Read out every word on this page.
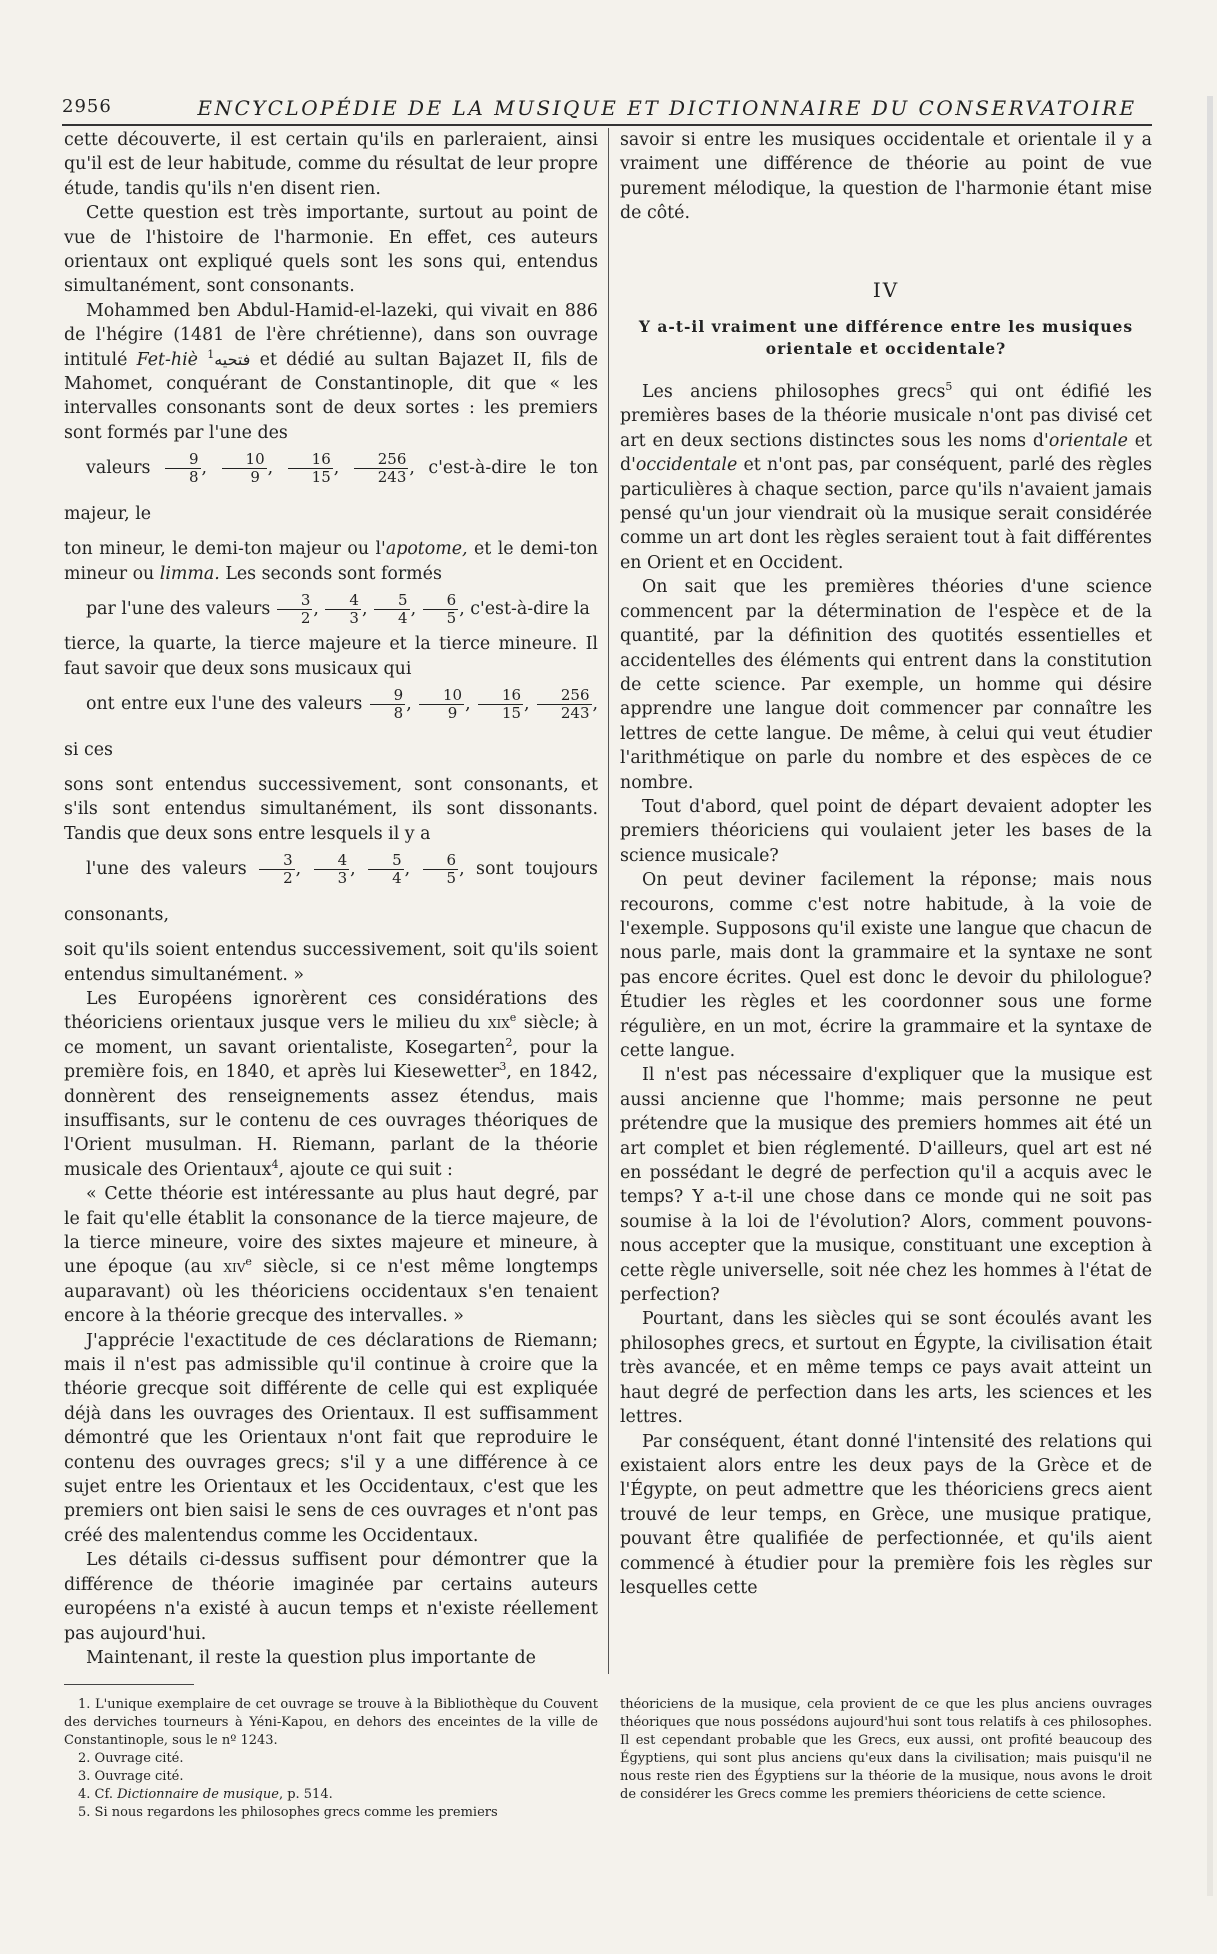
2956	ENCYCLOPÉDIE DE LA MUSIQUE ET DICTIONNAIRE DU CONSERVATOIRE

cette découverte, il est certain qu'ils en parleraient, ainsi qu'il est de leur habitude, comme du résultat de leur propre étude, tandis qu'ils n'en disent rien.

Cette question est très importante, surtout au point de vue de l'histoire de l'harmonie. En effet, ces auteurs orientaux ont expliqué quels sont les sons qui, entendus simultanément, sont consonants.

Mohammed ben Abdul-Hamid-el-lazeki, qui vivait en 886 de l'hégire (1481 de l'ère chrétienne), dans son ouvrage intitulé Fet-hiè فتحيه$^1$	et dédié au sultan Bajazet II, fils de Mahomet, conquérant de Constantinople, dit que « les intervalles consonants sont de deux sortes : les premiers sont formés par l'une des

valeurs $\frac{9}{8}$ , $\frac{10}{9}$ , $\frac{16}{15}$ , $\frac{256}{243}$ , c'est-à-dire le ton majeur, le

ton mineur, le demi-ton majeur ou l'apotome, et le demi-ton mineur ou limma. Les seconds sont formés

par l'une des valeurs $\frac{3}{2}$ , $\frac{4}{3}$ , $\frac{5}{4}$ , $\frac{6}{5}$ , c'est-à-dire la

tierce, la quarte, la tierce majeure et la tierce mineure. Il faut savoir que deux sons musicaux qui

ont entre eux l'une des valeurs $\frac{9}{8}$ , $\frac{10}{9}$ , $\frac{16}{15}$ , $\frac{256}{243}$ , si ces

sons sont entendus successivement, sont consonants, et s'ils sont entendus simultanément, ils sont dissonants. Tandis que deux sons entre lesquels il y a

l'une des valeurs $\frac{3}{2}$ , $\frac{4}{3}$ , $\frac{5}{4}$ , $\frac{6}{5}$ , sont toujours consonants,

soit qu'ils soient entendus successivement, soit qu'ils soient entendus simultanément. »

Les Européens ignorèrent ces considérations des théoriciens orientaux jusque vers le milieu du xix$^e$ siècle; à ce moment, un savant orientaliste, Kosegarten$^2$, pour la première fois, en 1840, et après lui Kiesewetter$^3$, en 1842, donnèrent des renseignements assez étendus, mais insuffisants, sur le contenu de ces ouvrages théoriques de l'Orient musulman. H. Riemann, parlant de la théorie musicale des Orientaux$^4$, ajoute ce qui suit :

« Cette théorie est intéressante au plus haut degré, par le fait qu'elle établit la consonance de la tierce majeure, de la tierce mineure, voire des sixtes majeure et mineure, à une époque (au xiv$^e$ siècle, si ce n'est même longtemps auparavant) où les théoriciens occidentaux s'en tenaient encore à la théorie grecque des intervalles. »

J'apprécie l'exactitude de ces déclarations de Riemann; mais il n'est pas admissible qu'il continue à croire que la théorie grecque soit différente de celle qui est expliquée déjà dans les ouvrages des Orientaux. Il est suffisamment démontré que les Orientaux n'ont fait que reproduire le contenu des ouvrages grecs; s'il y a une différence à ce sujet entre les Orientaux et les Occidentaux, c'est que les premiers ont bien saisi le sens de ces ouvrages et n'ont pas créé des malentendus comme les Occidentaux.

Les détails ci-dessus suffisent pour démontrer que la différence de théorie imaginée par certains auteurs européens n'a existé à aucun temps et n'existe réellement pas aujourd'hui.

Maintenant, il reste la question plus importante de

savoir si entre les musiques occidentale et orientale il y a vraiment une différence de théorie au point de vue purement mélodique, la question de l'harmonie étant mise de côté.

IV
Y a-t-il vraiment une différence entre les musiques orientale et occidentale?

Les anciens philosophes grecs$^5$ qui ont édifié les premières bases de la théorie musicale n'ont pas divisé cet art en deux sections distinctes sous les noms d'orientale et d'occidentale et n'ont pas, par conséquent, parlé des règles particulières à chaque section, parce qu'ils n'avaient jamais pensé qu'un jour viendrait où la musique serait considérée comme un art dont les règles seraient tout à fait différentes en Orient et en Occident.

On sait que les premières théories d'une science commencent par la détermination de l'espèce et de la quantité, par la définition des quotités essentielles et accidentelles des éléments qui entrent dans la constitution de cette science. Par exemple, un homme qui désire apprendre une langue doit commencer par connaître les lettres de cette langue. De même, à celui qui veut étudier l'arithmétique on parle du nombre et des espèces de ce nombre.

Tout d'abord, quel point de départ devaient adopter les premiers théoriciens qui voulaient jeter les bases de la science musicale?

On peut deviner facilement la réponse; mais nous recourons, comme c'est notre habitude, à la voie de l'exemple. Supposons qu'il existe une langue que chacun de nous parle, mais dont la grammaire et la syntaxe ne sont pas encore écrites. Quel est donc le devoir du philologue? Étudier les règles et les coordonner sous une forme régulière, en un mot, écrire la grammaire et la syntaxe de cette langue.

Il n'est pas nécessaire d'expliquer que la musique est aussi ancienne que l'homme; mais personne ne peut prétendre que la musique des premiers hommes ait été un art complet et bien réglementé. D'ailleurs, quel art est né en possédant le degré de perfection qu'il a acquis avec le temps? Y a-t-il une chose dans ce monde qui ne soit pas soumise à la loi de l'évolution? Alors, comment pouvons-nous accepter que la musique, constituant une exception à cette règle universelle, soit née chez les hommes à l'état de perfection?

Pourtant, dans les siècles qui se sont écoulés avant les philosophes grecs, et surtout en Égypte, la civilisation était très avancée, et en même temps ce pays avait atteint un haut degré de perfection dans les arts, les sciences et les lettres.

Par conséquent, étant donné l'intensité des relations qui existaient alors entre les deux pays de la Grèce et de l'Égypte, on peut admettre que les théoriciens grecs aient trouvé de leur temps, en Grèce, une musique pratique, pouvant être qualifiée de perfectionnée, et qu'ils aient commencé à étudier pour la première fois les règles sur lesquelles cette

1. L'unique exemplaire de cet ouvrage se trouve à la Bibliothèque du Couvent des derviches tourneurs à Yéni-Kapou, en dehors des enceintes de la ville de Constantinople, sous le nº 1243.

2. Ouvrage cité.

3. Ouvrage cité.

4. Cf. Dictionnaire de musique, p. 514.

5. Si nous regardons les philosophes grecs comme les premiers

théoriciens de la musique, cela provient de ce que les plus anciens ouvrages théoriques que nous possédons aujourd'hui sont tous relatifs à ces philosophes. Il est cependant probable que les Grecs, eux aussi, ont profité beaucoup des Égyptiens, qui sont plus anciens qu'eux dans la civilisation; mais puisqu'il ne nous reste rien des Égyptiens sur la théorie de la musique, nous avons le droit de considérer les Grecs comme les premiers théoriciens de cette science.
